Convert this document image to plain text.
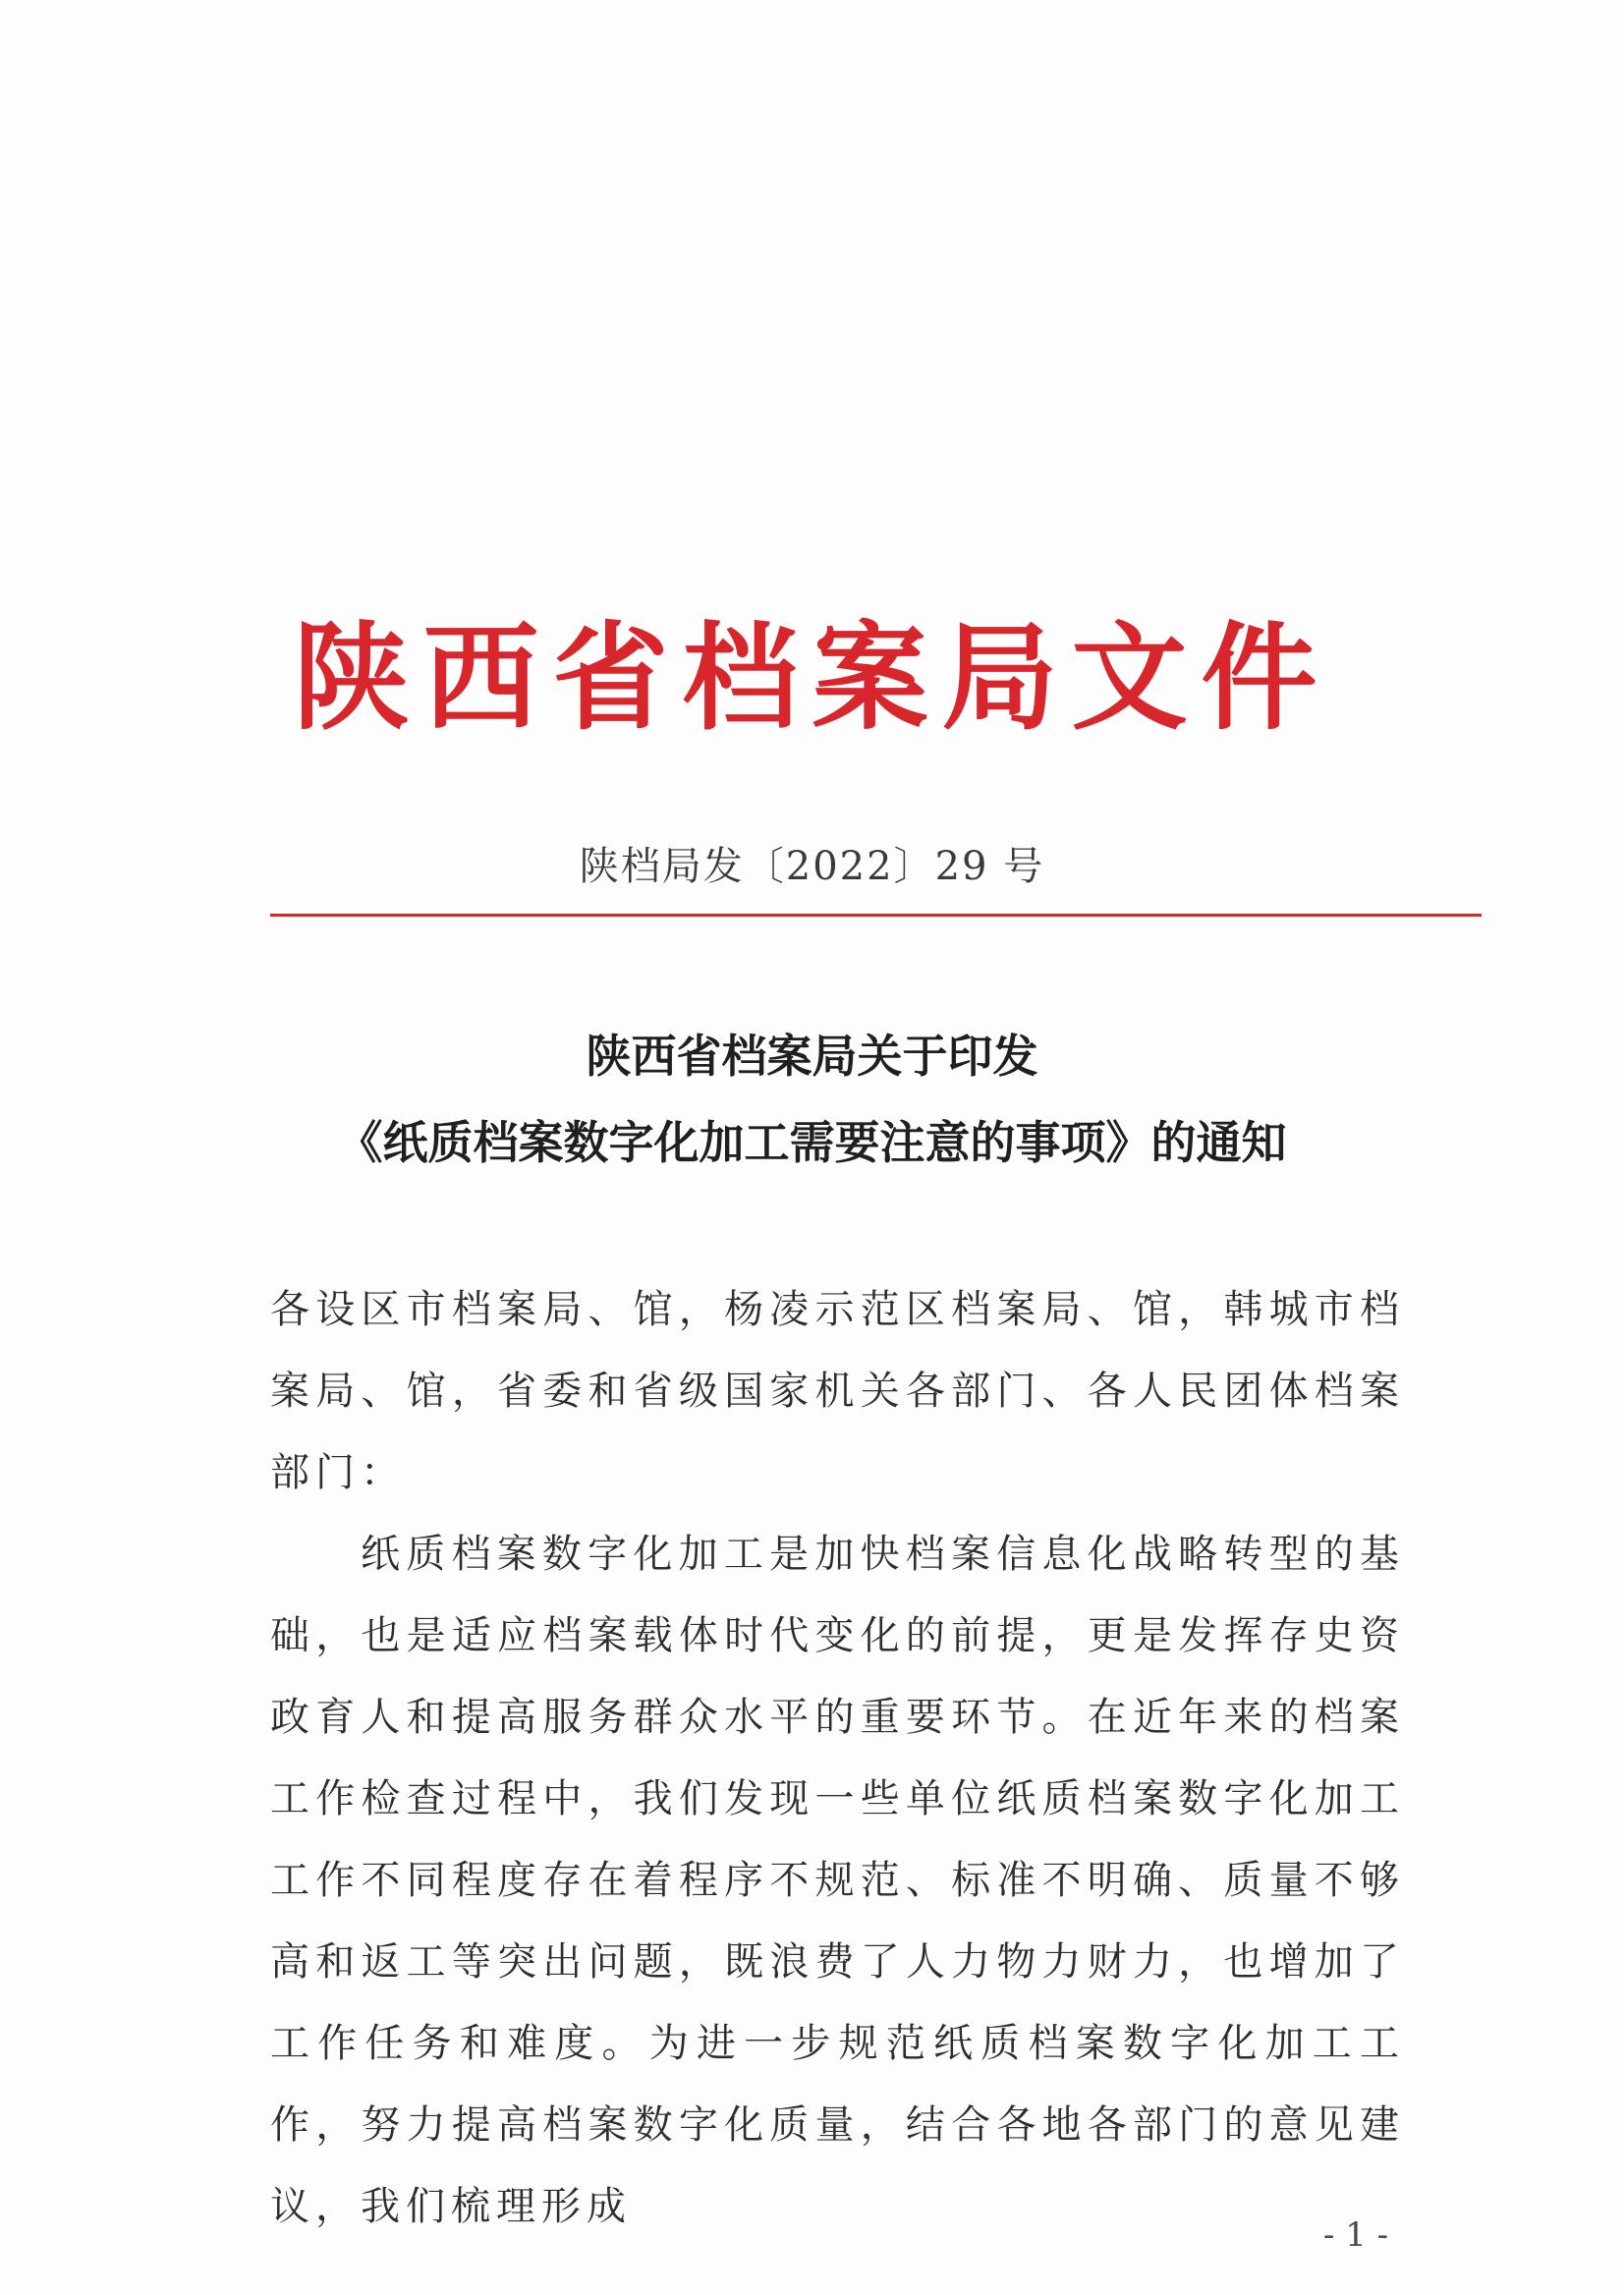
陕西省档案局文件
陕档局发〔2022〕29 号
陕西省档案局关于印发
《纸质档案数字化加工需要注意的事项》的通知

各设区市档案局、馆，杨凌示范区档案局、馆，韩城市档案局、馆，省委和省级国家机关各部门、各人民团体档案部门：

纸质档案数字化加工是加快档案信息化战略转型的基础，也是适应档案载体时代变化的前提，更是发挥存史资政育人和提高服务群众水平的重要环节。在近年来的档案工作检查过程中，我们发现一些单位纸质档案数字化加工工作不同程度存在着程序不规范、标准不明确、质量不够高和返工等突出问题，既浪费了人力物力财力，也增加了工作任务和难度。为进一步规范纸质档案数字化加工工作，努力提高档案数字化质量，结合各地各部门的意见建议，我们梳理形成

- 1 -
